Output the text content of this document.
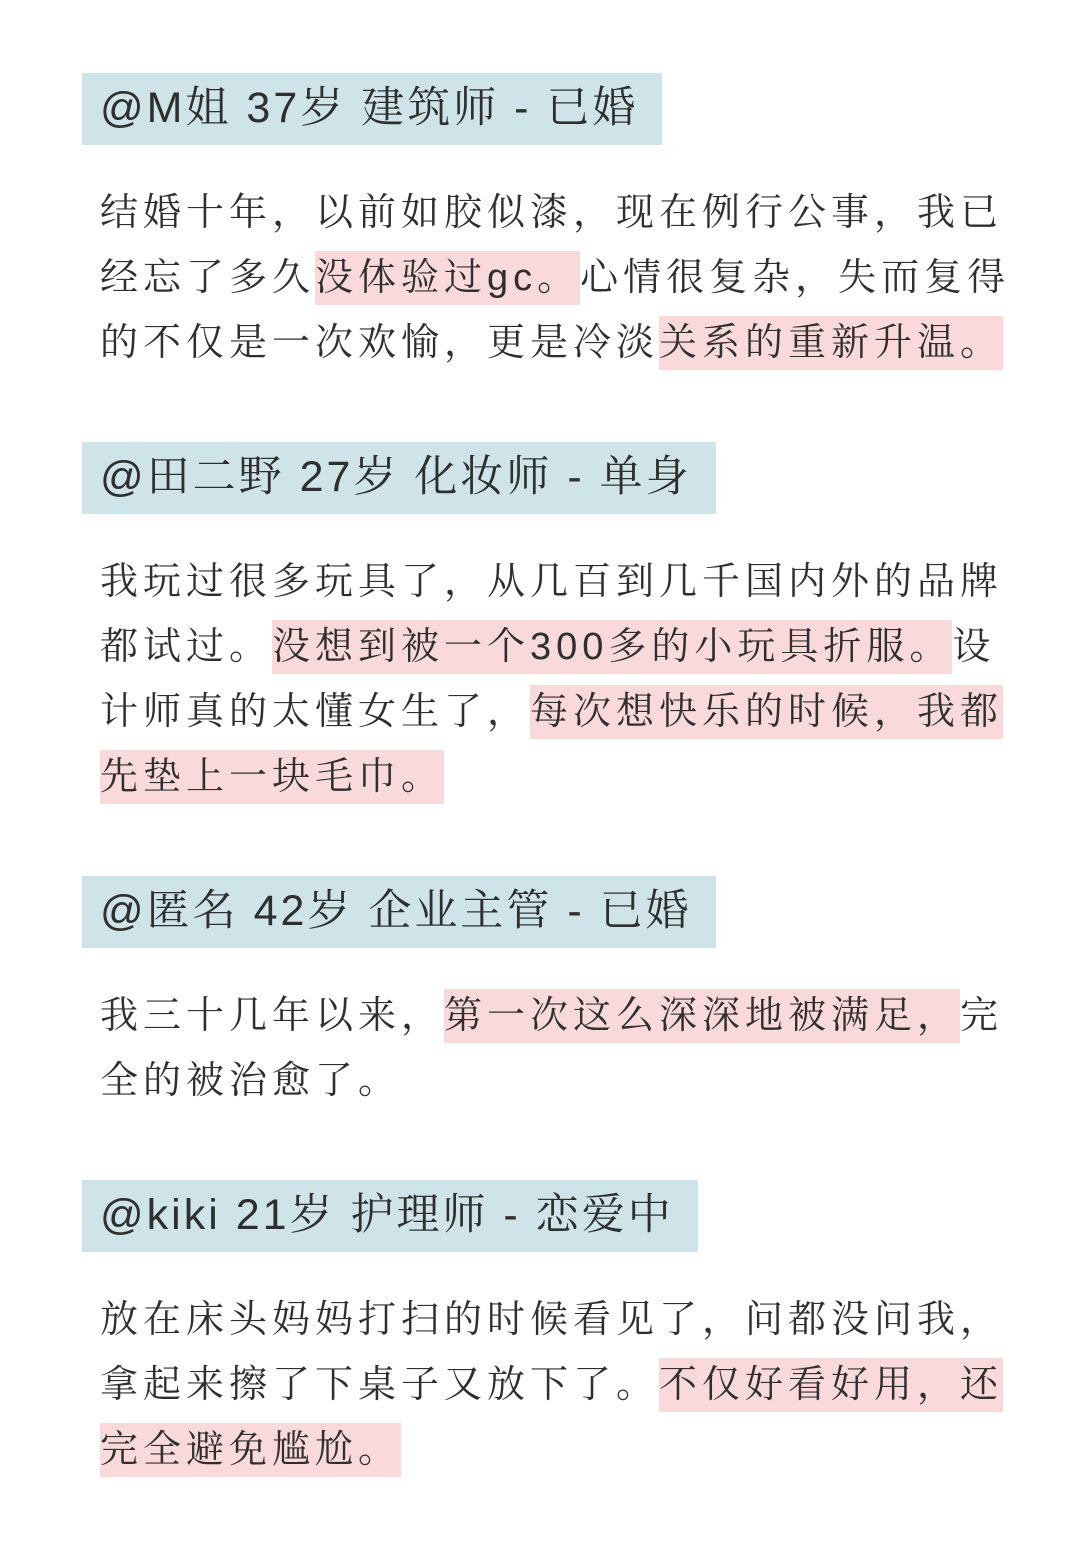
@M姐 37岁 建筑师 - 已婚

结婚十年，以前如胶似漆，现在例行公事，我已经忘了多久没体验过gc。心情很复杂，失而复得的不仅是一次欢愉，更是冷淡关系的重新升温。

@田二野 27岁 化妆师 - 单身

我玩过很多玩具了，从几百到几千国内外的品牌都试过。没想到被一个300多的小玩具折服。设计师真的太懂女生了，每次想快乐的时候，我都先垫上一块毛巾。

@匿名 42岁 企业主管 - 已婚

我三十几年以来，第一次这么深深地被满足，完全的被治愈了。

@kiki 21岁 护理师 - 恋爱中

放在床头妈妈打扫的时候看见了，问都没问我，拿起来擦了下桌子又放下了。不仅好看好用，还完全避免尴尬。
